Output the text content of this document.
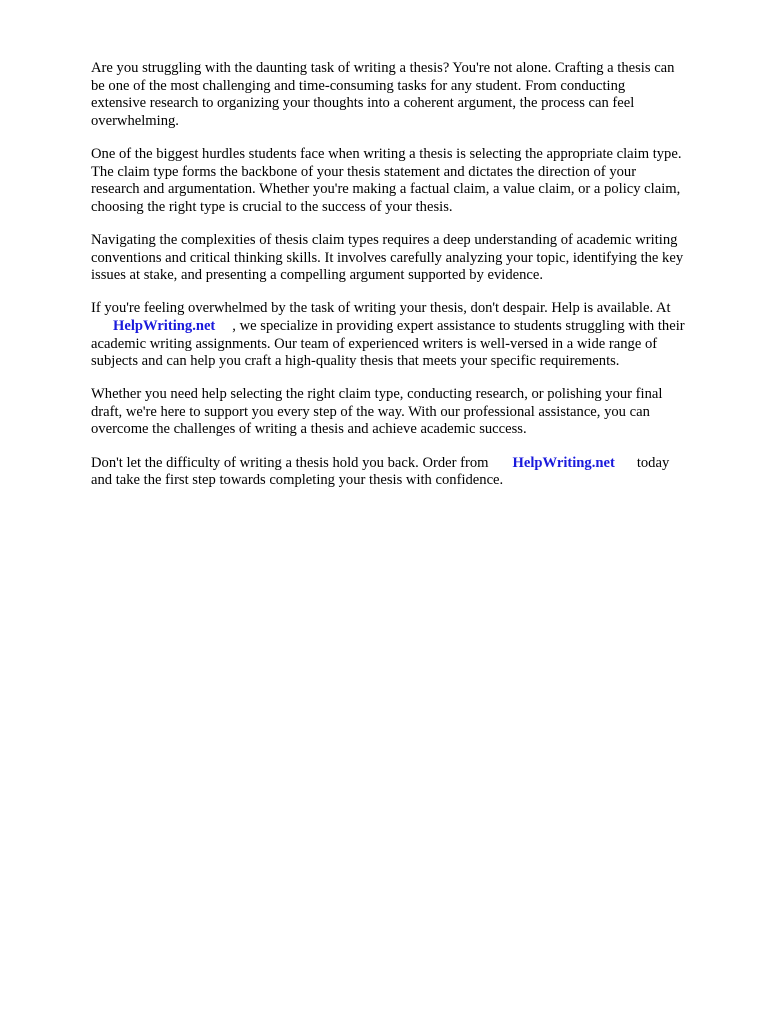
Are you struggling with the daunting task of writing a thesis? You're not alone. Crafting a thesis can
be one of the most challenging and time-consuming tasks for any student. From conducting
extensive research to organizing your thoughts into a coherent argument, the process can feel
overwhelming.

One of the biggest hurdles students face when writing a thesis is selecting the appropriate claim type.
The claim type forms the backbone of your thesis statement and dictates the direction of your
research and argumentation. Whether you're making a factual claim, a value claim, or a policy claim,
choosing the right type is crucial to the success of your thesis.

Navigating the complexities of thesis claim types requires a deep understanding of academic writing
conventions and critical thinking skills. It involves carefully analyzing your topic, identifying the key
issues at stake, and presenting a compelling argument supported by evidence.

If you're feeling overwhelmed by the task of writing your thesis, don't despair. Help is available. At
HelpWriting.net , we specialize in providing expert assistance to students struggling with their
academic writing assignments. Our team of experienced writers is well-versed in a wide range of
subjects and can help you craft a high-quality thesis that meets your specific requirements.

Whether you need help selecting the right claim type, conducting research, or polishing your final
draft, we're here to support you every step of the way. With our professional assistance, you can
overcome the challenges of writing a thesis and achieve academic success.

Don't let the difficulty of writing a thesis hold you back. Order from HelpWriting.net today
and take the first step towards completing your thesis with confidence.
